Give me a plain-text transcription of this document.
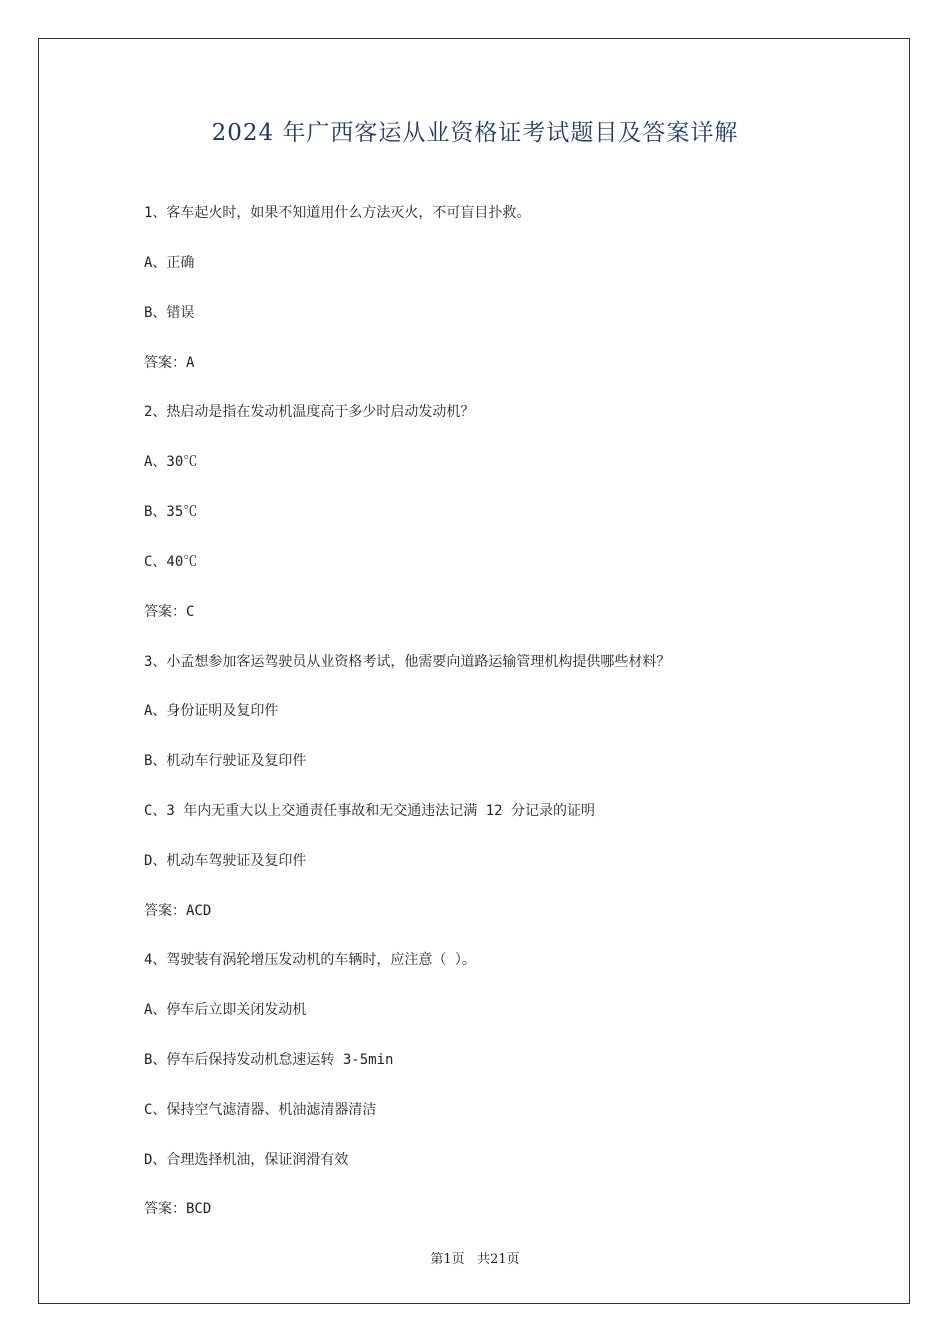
2024 年广西客运从业资格证考试题目及答案详解
1、客车起火时，如果不知道用什么方法灭火，不可盲目扑救。
A、正确
B、错误
答案：A
2、热启动是指在发动机温度高于多少时启动发动机？
A、30℃
B、35℃
C、40℃
答案：C
3、小孟想参加客运驾驶员从业资格考试，他需要向道路运输管理机构提供哪些材料？
A、身份证明及复印件
B、机动车行驶证及复印件
C、3 年内无重大以上交通责任事故和无交通违法记满 12 分记录的证明
D、机动车驾驶证及复印件
答案：ACD
4、驾驶装有涡轮增压发动机的车辆时，应注意（ ）。
A、停车后立即关闭发动机
B、停车后保持发动机怠速运转 3-5min
C、保持空气滤清器、机油滤清器清洁
D、合理选择机油，保证润滑有效
答案：BCD
第1页 共21页
